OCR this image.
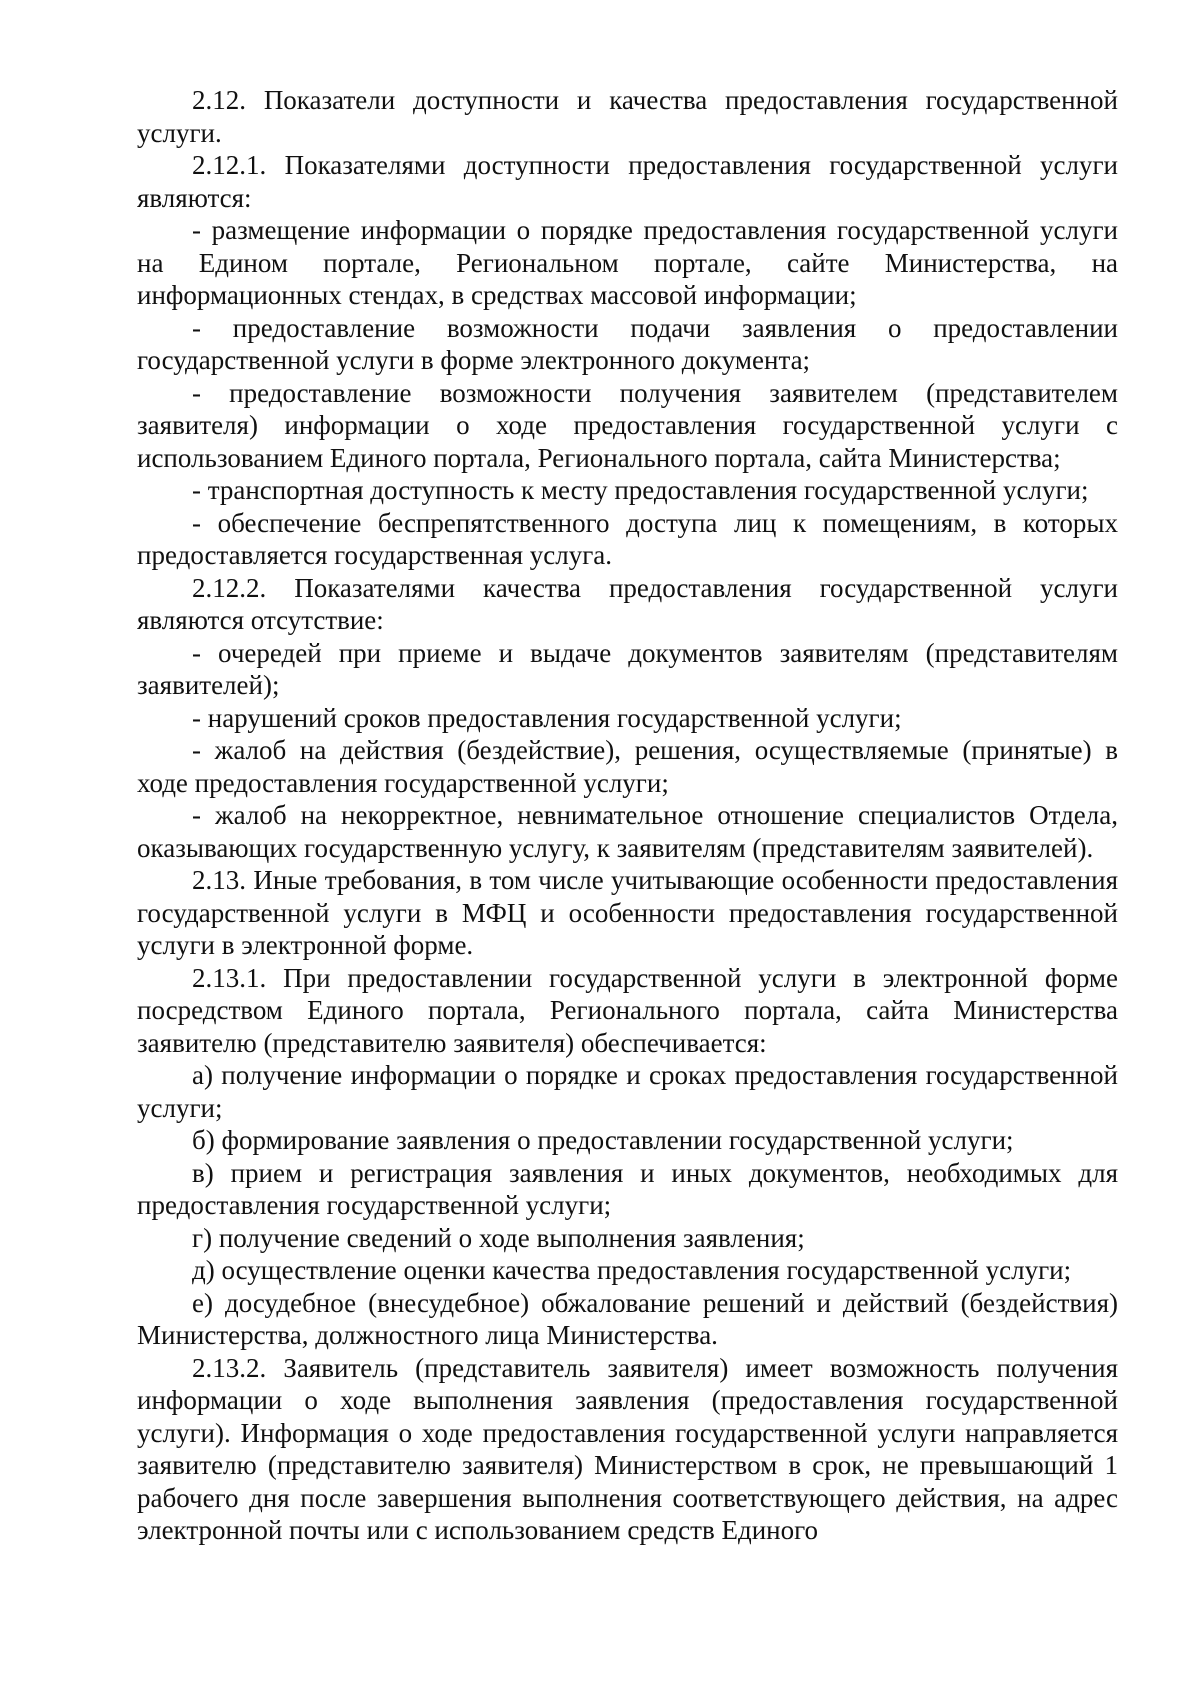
2.12. Показатели доступности и качества предоставления государственной услуги.

2.12.1. Показателями доступности предоставления государственной услуги являются:

- размещение информации о порядке предоставления государственной услуги на Едином портале, Региональном портале, сайте Министерства, на информационных стендах, в средствах массовой информации;

- предоставление возможности подачи заявления о предоставлении государственной услуги в форме электронного документа;

- предоставление возможности получения заявителем (представителем заявителя) информации о ходе предоставления государственной услуги с использованием Единого портала, Регионального портала, сайта Министерства;

- транспортная доступность к месту предоставления государственной услуги;

- обеспечение беспрепятственного доступа лиц к помещениям, в которых предоставляется государственная услуга.

2.12.2. Показателями качества предоставления государственной услуги являются отсутствие:

- очередей при приеме и выдаче документов заявителям (представителям заявителей);

- нарушений сроков предоставления государственной услуги;

- жалоб на действия (бездействие), решения, осуществляемые (принятые) в ходе предоставления государственной услуги;

- жалоб на некорректное, невнимательное отношение специалистов Отдела, оказывающих государственную услугу, к заявителям (представителям заявителей).

2.13. Иные требования, в том числе учитывающие особенности предоставления государственной услуги в МФЦ и особенности предоставления государственной услуги в электронной форме.

2.13.1. При предоставлении государственной услуги в электронной форме посредством Единого портала, Регионального портала, сайта Министерства заявителю (представителю заявителя) обеспечивается:

а) получение информации о порядке и сроках предоставления государственной услуги;

б) формирование заявления о предоставлении государственной услуги;

в) прием и регистрация заявления и иных документов, необходимых для предоставления государственной услуги;

г) получение сведений о ходе выполнения заявления;

д) осуществление оценки качества предоставления государственной услуги;

е) досудебное (внесудебное) обжалование решений и действий (бездействия) Министерства, должностного лица Министерства.

2.13.2. Заявитель (представитель заявителя) имеет возможность получения информации о ходе выполнения заявления (предоставления государственной услуги). Информация о ходе предоставления государственной услуги направляется заявителю (представителю заявителя) Министерством в срок, не превышающий 1 рабочего дня после завершения выполнения соответствующего действия, на адрес электронной почты или с использованием средств Единого
